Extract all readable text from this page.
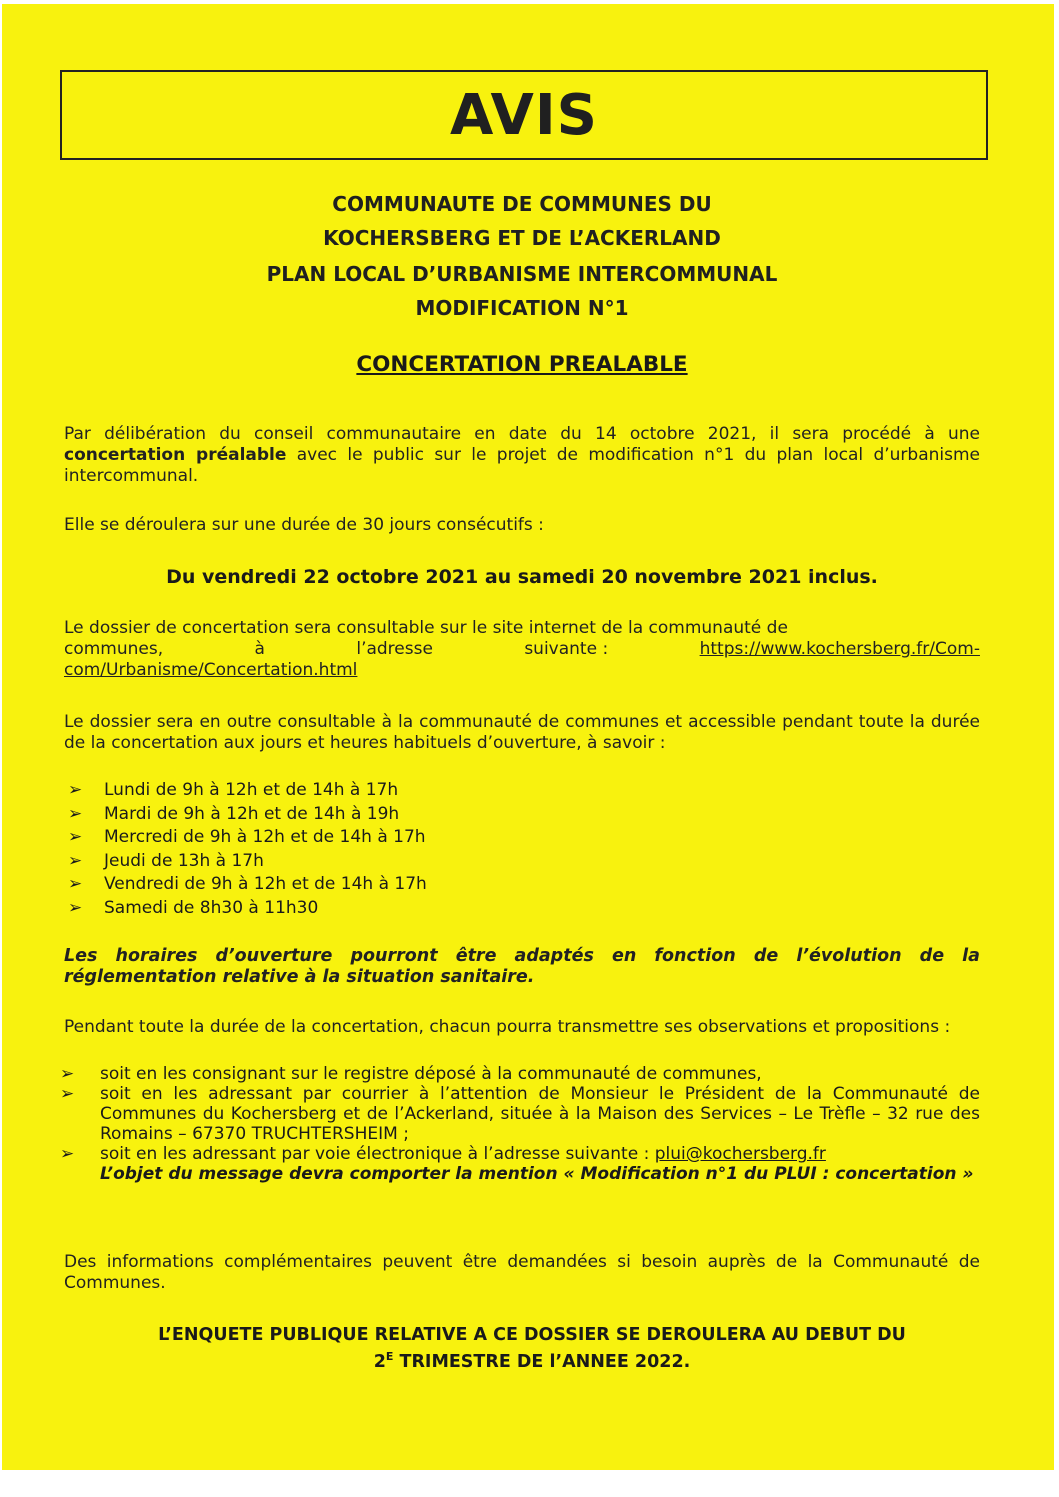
AVIS
COMMUNAUTE DE COMMUNES DU
KOCHERSBERG ET DE L’ACKERLAND
PLAN LOCAL D’URBANISME INTERCOMMUNAL
MODIFICATION N°1
CONCERTATION PREALABLE
Par délibération du conseil communautaire en date du 14 octobre 2021, il sera procédé à une concertation préalable avec le public sur le projet de modification n°1 du plan local d’urbanisme intercommunal.
Elle se déroulera sur une durée de 30 jours consécutifs :
Du vendredi 22 octobre 2021 au samedi 20 novembre 2021 inclus.
Le dossier de concertation sera consultable sur le site internet de la communauté de
communes,	à	l’adresse	suivante :	https://www.kochersberg.fr/Com-
com/Urbanisme/Concertation.html
Le dossier sera en outre consultable à la communauté de communes et accessible pendant toute la durée de la concertation aux jours et heures habituels d’ouverture, à savoir :
➢	Lundi de 9h à 12h et de 14h à 17h
➢	Mardi de 9h à 12h et de 14h à 19h
➢	Mercredi de 9h à 12h et de 14h à 17h
➢	Jeudi de 13h à 17h
➢	Vendredi de 9h à 12h et de 14h à 17h
➢	Samedi de 8h30 à 11h30
Les horaires d’ouverture pourront être adaptés en fonction de l’évolution de la réglementation relative à la situation sanitaire.
Pendant toute la durée de la concertation, chacun pourra transmettre ses observations et propositions :
➢	soit en les consignant sur le registre déposé à la communauté de communes,
➢	soit en les adressant par courrier à l’attention de Monsieur le Président de la Communauté de Communes du Kochersberg et de l’Ackerland, située à la Maison des Services – Le Trèfle – 32 rue des Romains – 67370 TRUCHTERSHEIM ;
➢	soit en les adressant par voie électronique à l’adresse suivante : plui@kochersberg.fr
L’objet du message devra comporter la mention « Modification n°1 du PLUI : concertation »
Des informations complémentaires peuvent être demandées si besoin auprès de la Communauté de Communes.
L’ENQUETE PUBLIQUE RELATIVE A CE DOSSIER SE DEROULERA AU DEBUT DU
$2^E$ TRIMESTRE DE l’ANNEE 2022.
